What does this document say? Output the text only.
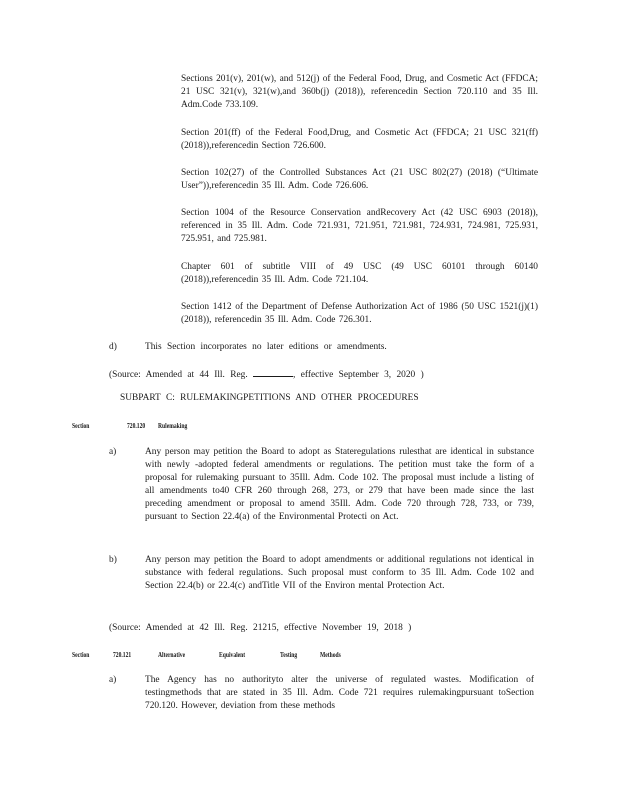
Sections 201(v), 201(w), and 512(j) of the Federal Food, Drug, and Cosmetic Act (FFDCA; 21 USC 321(v), 321(w),and 360b(j) (2018)), referencedin Section 720.110 and 35 Ill. Adm.Code 733.109.
Section 201(ff) of the Federal Food,Drug, and Cosmetic Act (FFDCA; 21 USC 321(ff) (2018)),referencedin Section 726.600.
Section 102(27) of the Controlled Substances Act (21 USC 802(27) (2018) (“Ultimate User”)),referencedin 35 Ill. Adm. Code 726.606.
Section 1004 of the Resource Conservation andRecovery Act (42 USC 6903 (2018)), referenced in 35 Ill. Adm. Code 721.931, 721.951, 721.981, 724.931, 724.981, 725.931, 725.951, and 725.981.
Chapter 601 of subtitle VIII of 49 USC (49 USC 60101 through 60140 (2018)),referencedin 35 Ill. Adm. Code 721.104.
Section 1412 of the Department of Defense Authorization Act of 1986 (50 USC 1521(j)(1) (2018)), referencedin 35 Ill. Adm. Code 726.301.
d)	This Section incorporates no later editions or amendments.
(Source: Amended at 44 Ill. Reg.	, effective September 3, 2020 )
SUBPART C: RULEMAKINGPETITIONS AND OTHER PROCEDURES
Section	720.120 Rulemaking
a)	Any person may petition the Board to adopt as Stateregulations rulesthat are identical in substance with newly -adopted federal amendments or regulations. The petition must take the form of a proposal for rulemaking pursuant to 35Ill. Adm. Code 102. The proposal must include a listing of all amendments to40 CFR 260 through 268, 273, or 279 that have been made since the last preceding amendment or proposal to amend 35Ill. Adm. Code 720 through 728, 733, or 739, pursuant to Section 22.4(a) of the Environmental Protecti on Act.
b)	Any person may petition the Board to adopt amendments or additional regulations not identical in substance with federal regulations. Such proposal must conform to 35 Ill. Adm. Code 102 and Section 22.4(b) or 22.4(c) andTitle VII of the Environ mental Protection Act.
(Source: Amended at 42 Ill. Reg. 21215, effective November 19, 2018 )
Section	720.121	Alternative	Equivalent	Testing	Methods
a)	The Agency has no authorityto alter the universe of regulated wastes. Modification of testingmethods that are stated in 35 Ill. Adm. Code 721 requires rulemakingpursuant toSection 720.120. However, deviation from these methods
